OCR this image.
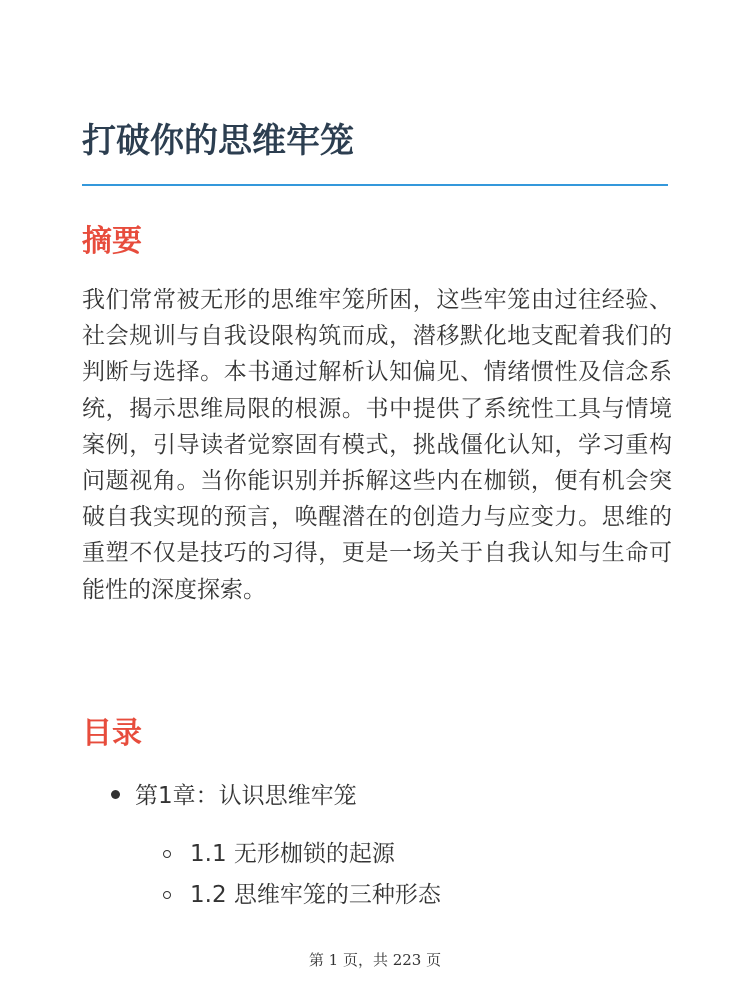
打破你的思维牢笼
摘要

我们常常被无形的思维牢笼所困，这些牢笼由过往经验、社会规训与自我设限构筑而成，潜移默化地支配着我们的判断与选择。本书通过解析认知偏见、情绪惯性及信念系统，揭示思维局限的根源。书中提供了系统性工具与情境案例，引导读者觉察固有模式，挑战僵化认知，学习重构问题视角。当你能识别并拆解这些内在枷锁，便有机会突破自我实现的预言，唤醒潜在的创造力与应变力。思维的重塑不仅是技巧的习得，更是一场关于自我认知与生命可能性的深度探索。

目录
第1章：认识思维牢笼
1.1 无形枷锁的起源
1.2 思维牢笼的三种形态
第 1 页，共 223 页
